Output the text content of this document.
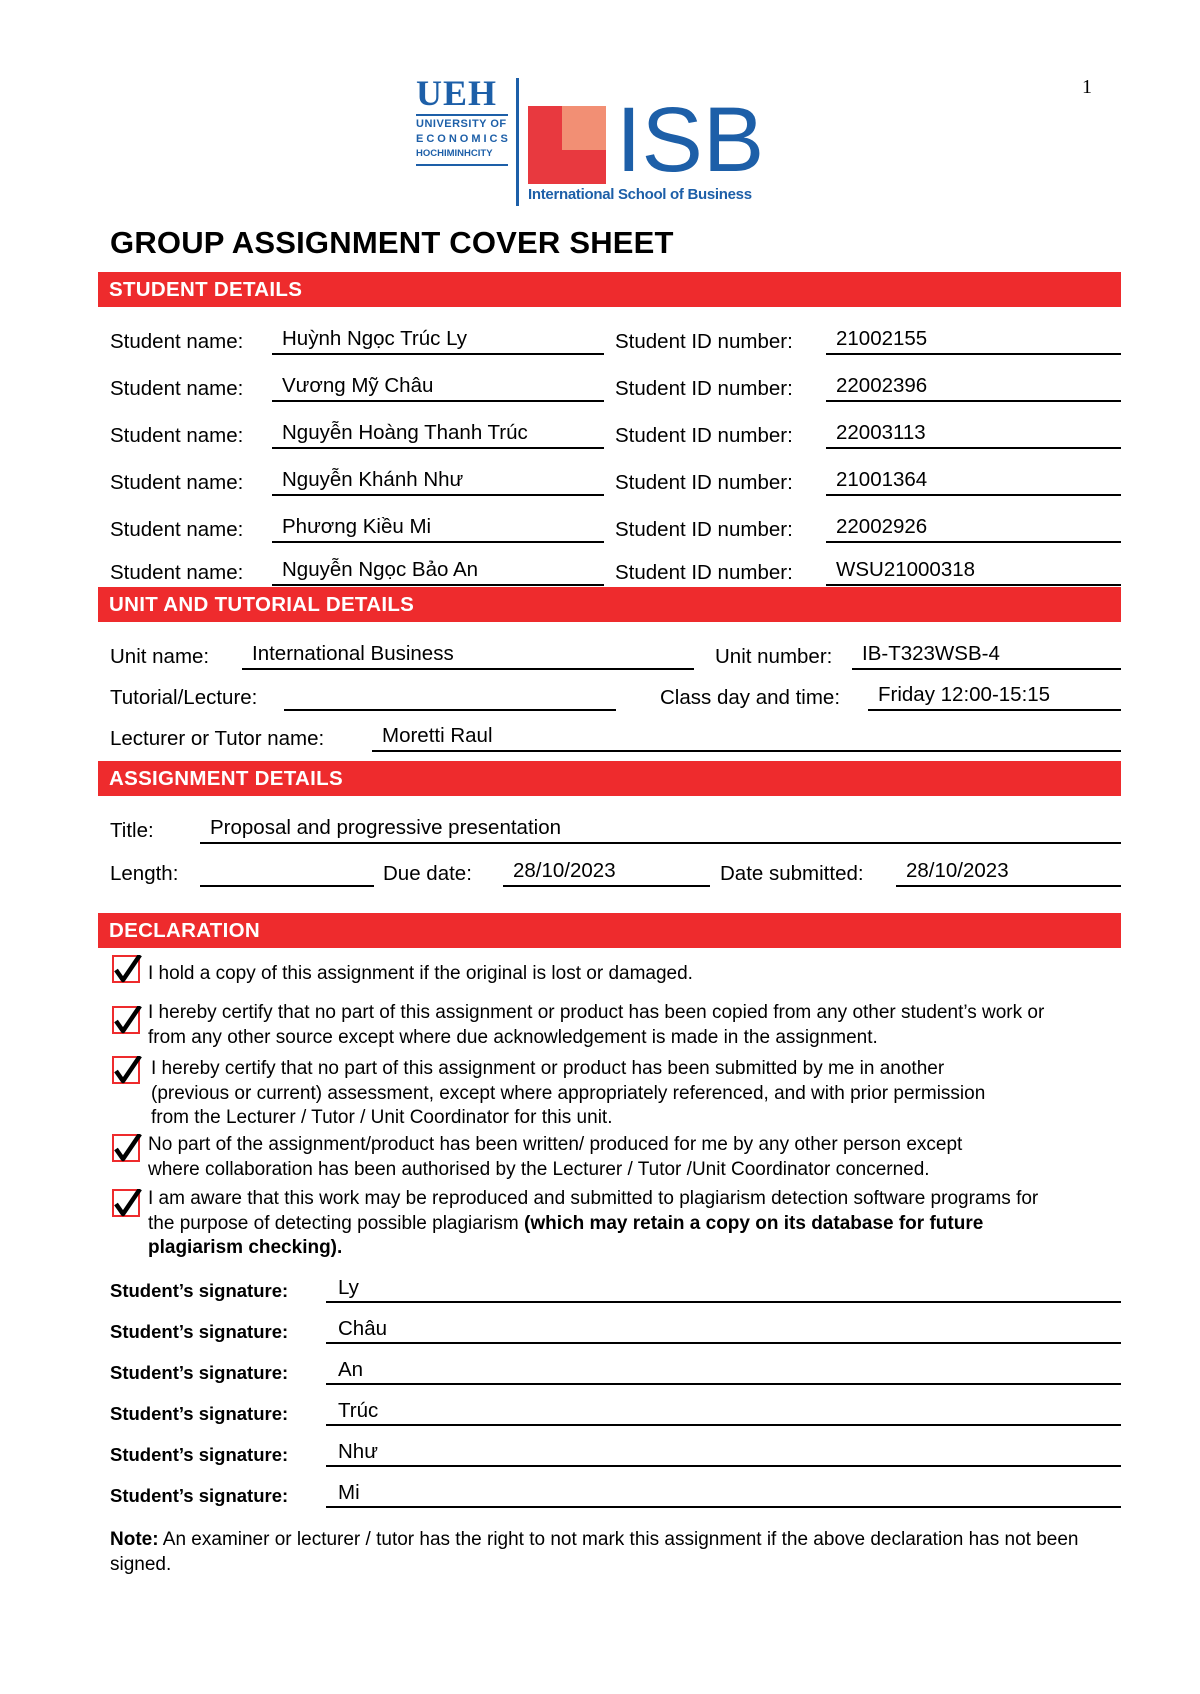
1
UEH
UNIVERSITY OF
ECONOMICS
HOCHIMINHCITY ISB
International School of Business
GROUP ASSIGNMENT COVER SHEET
STUDENT DETAILS
Student name:	Huỳnh Ngọc Trúc Ly	Student ID number:	21002155
Student name:	Vương Mỹ Châu	Student ID number:	22002396
Student name:	Nguyễn Hoàng Thanh Trúc	Student ID number:	22003113
Student name:	Nguyễn Khánh Như	Student ID number:	21001364
Student name:	Phương Kiều Mi	Student ID number:	22002926
Student name:	Nguyễn Ngọc Bảo An	Student ID number:	WSU21000318
UNIT AND TUTORIAL DETAILS
Unit name:	International Business	Unit number:	IB-T323WSB-4
Tutorial/Lecture:	Class day and time:	Friday 12:00-15:15
Lecturer or Tutor name:	Moretti Raul
ASSIGNMENT DETAILS
Title:	Proposal and progressive presentation
Length:	Due date:	28/10/2023	Date submitted:	28/10/2023
DECLARATION
I hold a copy of this assignment if the original is lost or damaged.
I hereby certify that no part of this assignment or product has been copied from any other student’s work or
from any other source except where due acknowledgement is made in the assignment.
I hereby certify that no part of this assignment or product has been submitted by me in another
(previous or current) assessment, except where appropriately referenced, and with prior permission
from the Lecturer / Tutor / Unit Coordinator for this unit.
No part of the assignment/product has been written/ produced for me by any other person except
where collaboration has been authorised by the Lecturer / Tutor /Unit Coordinator concerned.
I am aware that this work may be reproduced and submitted to plagiarism detection software programs for
the purpose of detecting possible plagiarism (which may retain a copy on its database for future
plagiarism checking).
Student’s signature:	Ly
Student’s signature:	Châu
Student’s signature:	An
Student’s signature:	Trúc
Student’s signature:	Như
Student’s signature:	Mi
Note: An examiner or lecturer / tutor has the right to not mark this assignment if the above declaration has not been signed.
